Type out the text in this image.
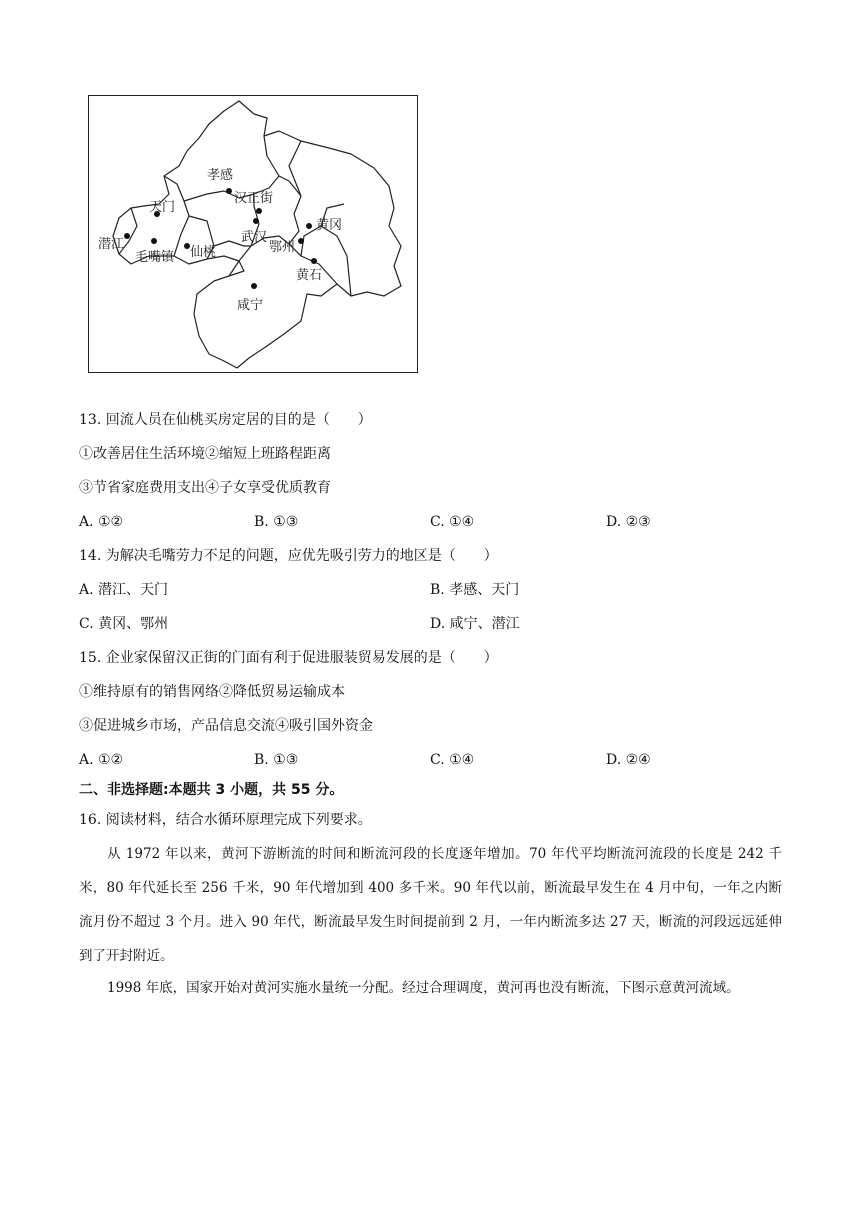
孝感
汉正街
天门
黄冈
武汉
潜江
毛嘴镇 仙桃	鄂州
黄石
咸宁
13. 回流人员在仙桃买房定居的目的是（　　）
①改善居住生活环境②缩短上班路程距离
③节省家庭费用支出④子女享受优质教育
A. ①②	B. ①③	C. ①④	D. ②③
14. 为解决毛嘴劳力不足的问题，应优先吸引劳力的地区是（　　）
A. 潜江、天门	B. 孝感、天门
C. 黄冈、鄂州	D. 咸宁、潜江
15. 企业家保留汉正街的门面有利于促进服装贸易发展的是（　　）
①维持原有的销售网络②降低贸易运输成本
③促进城乡市场，产品信息交流④吸引国外资金
A. ①②	B. ①③	C. ①④	D. ②④
二、非选择题:本题共 3 小题，共 55 分。
16. 阅读材料，结合水循环原理完成下列要求。
从 1972 年以来，黄河下游断流的时间和断流河段的长度逐年增加。70 年代平均断流河流段的长度是 242 千米，80 年代延长至 256 千米，90 年代增加到 400 多千米。90 年代以前，断流最早发生在 4 月中旬，一年之内断流月份不超过 3 个月。进入 90 年代，断流最早发生时间提前到 2 月，一年内断流多达 27 天，断流的河段远远延伸到了开封附近。
1998 年底，国家开始对黄河实施水量统一分配。经过合理调度，黄河再也没有断流，下图示意黄河流域。
